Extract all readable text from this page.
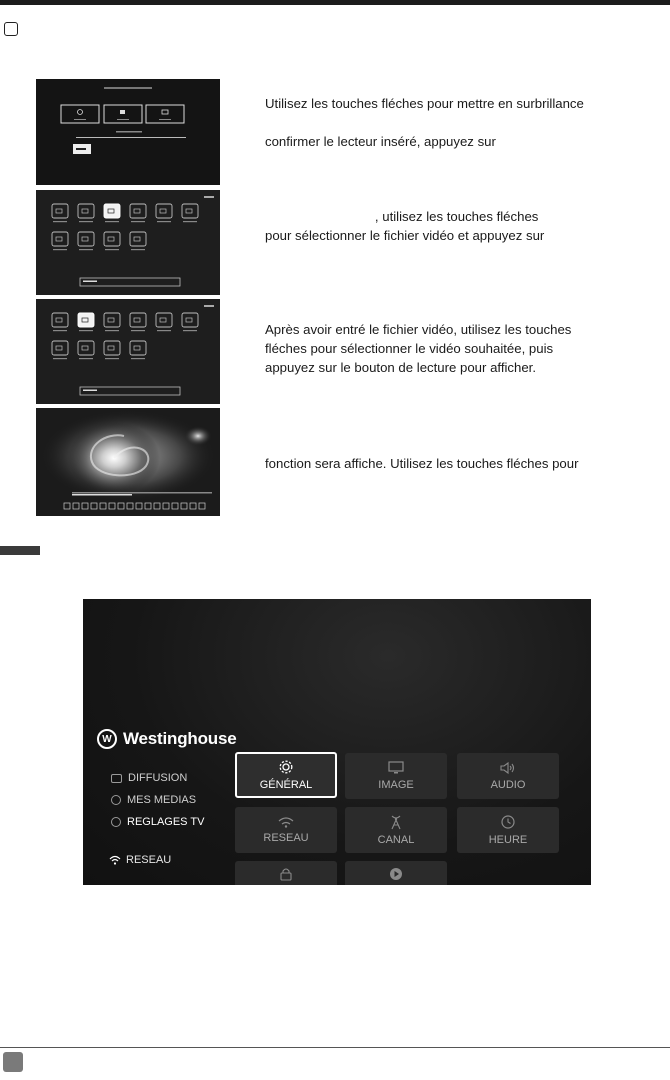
Utilisez les touches fléches pour mettre en surbrillance

confirmer le lecteur inséré, appuyez sur

, utilisez les touches fléches
pour sélectionner le fichier vidéo et appuyez sur

Après avoir entré le fichier vidéo, utilisez les touches
fléches pour sélectionner le vidéo souhaitée, puis
appuyez sur le bouton de lecture pour afficher.

fonction sera affiche. Utilisez les touches fléches pour

W Westinghouse
DIFFUSION
MES MEDIAS
REGLAGES TV
RESEAU
GÉNÉRAL	IMAGE	AUDIO
RESEAU	CANAL	HEURE
